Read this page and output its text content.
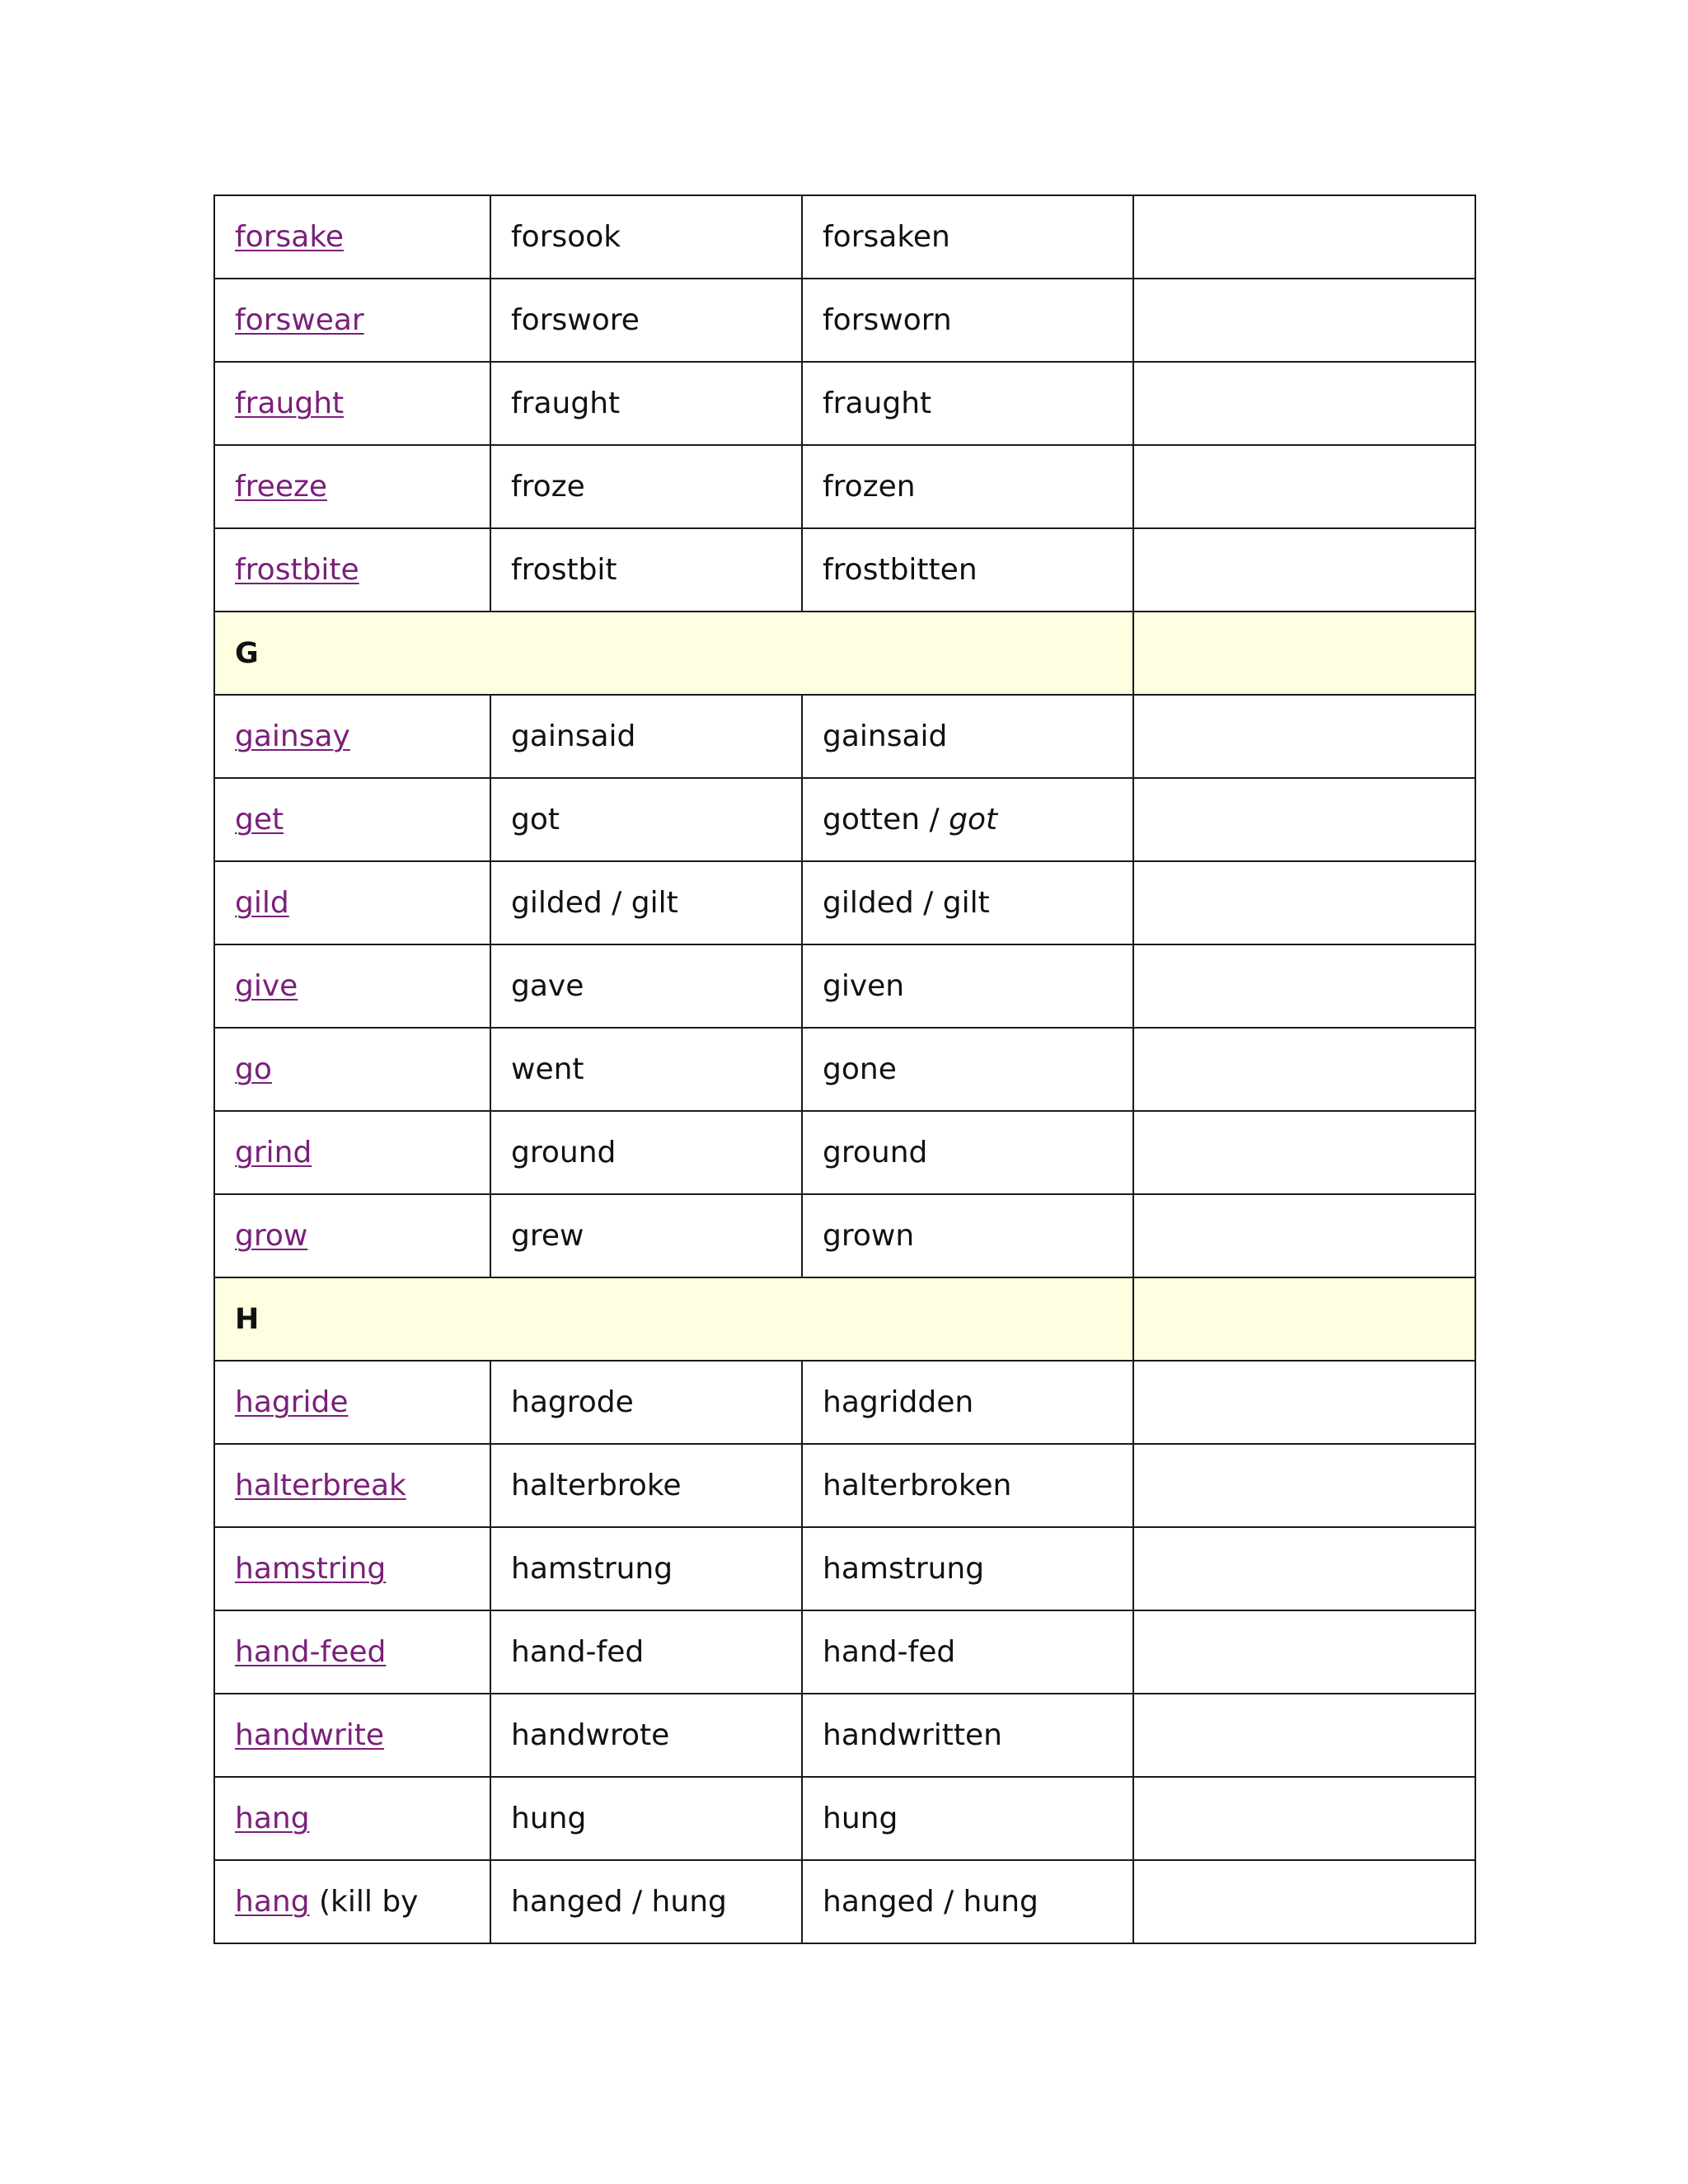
forsake	forsook	forsaken	
forswear	forswore	forsworn	
fraught	fraught	fraught	
freeze	froze	frozen	
frostbite	frostbit	frostbitten	
G			
gainsay	gainsaid	gainsaid	
get	got	gotten / got	
gild	gilded / gilt	gilded / gilt	
give	gave	given	
go	went	gone	
grind	ground	ground	
grow	grew	grown	
H			
hagride	hagrode	hagridden	
halterbreak	halterbroke	halterbroken	
hamstring	hamstrung	hamstrung	
hand-feed	hand-fed	hand-fed	
handwrite	handwrote	handwritten	
hang	hung	hung	
hang (kill by	hanged / hung	hanged / hung	
